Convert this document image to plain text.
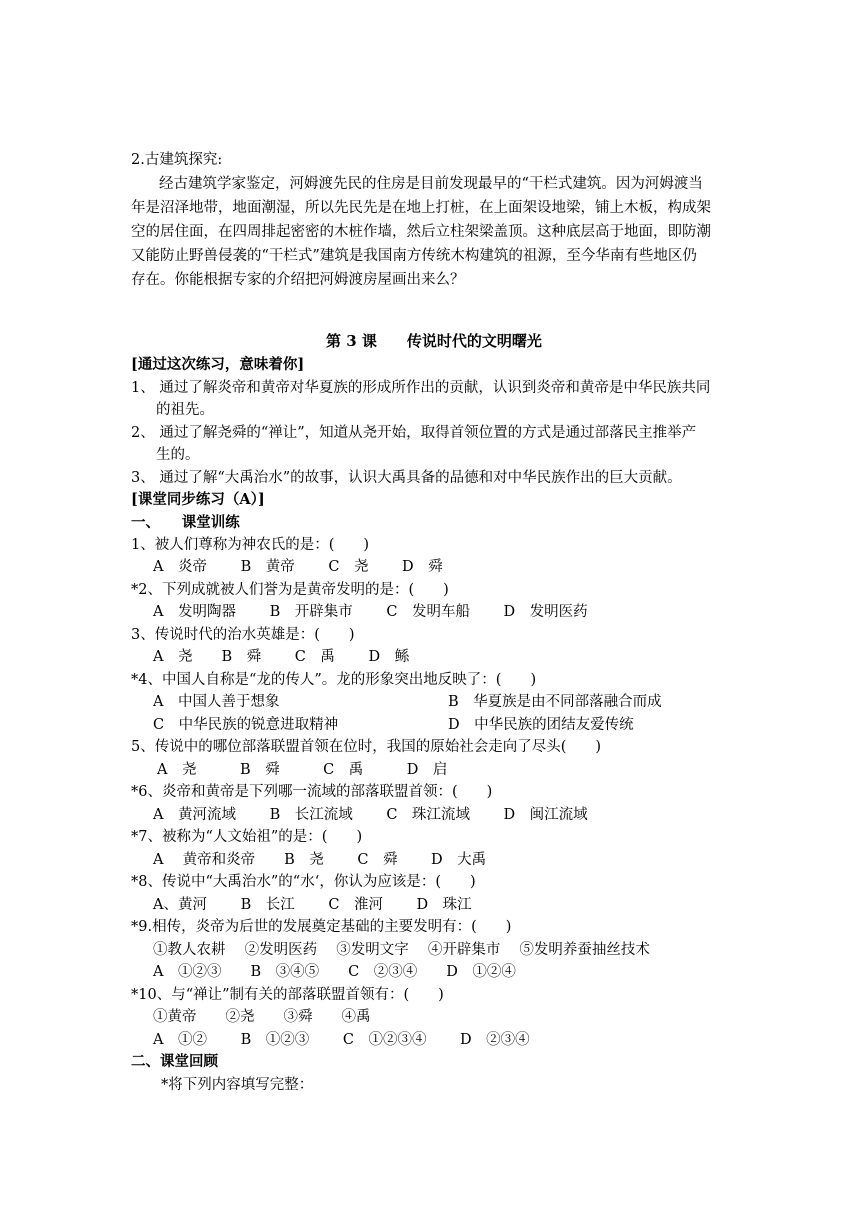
2.古建筑探究:
经古建筑学家鉴定，河姆渡先民的住房是目前发现最早的“干栏式建筑。因为河姆渡当
年是沼泽地带，地面潮湿，所以先民先是在地上打桩，在上面架设地梁，铺上木板，构成架
空的居住面，在四周排起密密的木桩作墙，然后立柱架梁盖顶。这种底层高于地面，即防潮
又能防止野兽侵袭的“干栏式”建筑是我国南方传统木构建筑的祖源，至今华南有些地区仍
存在。你能根据专家的介绍把河姆渡房屋画出来么？
第 3 课　　传说时代的文明曙光
[通过这次练习，意味着你]
1、 通过了解炎帝和黄帝对华夏族的形成所作出的贡献，认识到炎帝和黄帝是中华民族共同
的祖先。
2、 通过了解尧舜的“禅让”，知道从尧开始，取得首领位置的方式是通过部落民主推举产
生的。
3、 通过了解“大禹治水”的故事，认识大禹具备的品德和对中华民族作出的巨大贡献。
[课堂同步练习（A）]
一、　　课堂训练
1、被人们尊称为神农氏的是：(　　)
A　炎帝　　 B　黄帝　　 C　尧　　 D　舜
*2、下列成就被人们誉为是黄帝发明的是：(　　)
A　发明陶器　　 B　开辟集市　　 C　发明车船　　 D　发明医药
3、传说时代的治水英雄是：(　　)
A　尧　　B　舜　　 C　禹　　 D　鲧
*4、中国人自称是“龙的传人”。龙的形象突出地反映了：(　　)
A　中国人善于想象	B　华夏族是由不同部落融合而成
C　中华民族的锐意进取精神	D　中华民族的团结友爱传统
5、传说中的哪位部落联盟首领在位时，我国的原始社会走向了尽头(　　)
A　尧　　　B　舜　　　C　禹　　　D　启
*6、炎帝和黄帝是下列哪一流域的部落联盟首领：(　　)
A　黄河流域　　 B　长江流域　　 C　珠江流域　　 D　闽江流域
*7、被称为“人文始祖”的是：(　　)
A　 黄帝和炎帝　　B　尧　　 C　舜　　 D　大禹
*8、传说中“大禹治水”的“水‘，你认为应该是：(　　)
A、黄河　　 B　长江　　 C　淮河　　 D　珠江
*9.相传，炎帝为后世的发展奠定基础的主要发明有：(　　)
①教人农耕　 ②发明医药　 ③发明文字　 ④开辟集市　 ⑤发明养蚕抽丝技术
A　①②③　　B　③④⑤　　C　②③④　　D　①②④
*10、与“禅让”制有关的部落联盟首领有：(　　)
①黄帝　　②尧　　③舜　　④禹
A　①②　　 B　①②③　　 C　①②③④　　 D　②③④
二、课堂回顾
*将下列内容填写完整：
